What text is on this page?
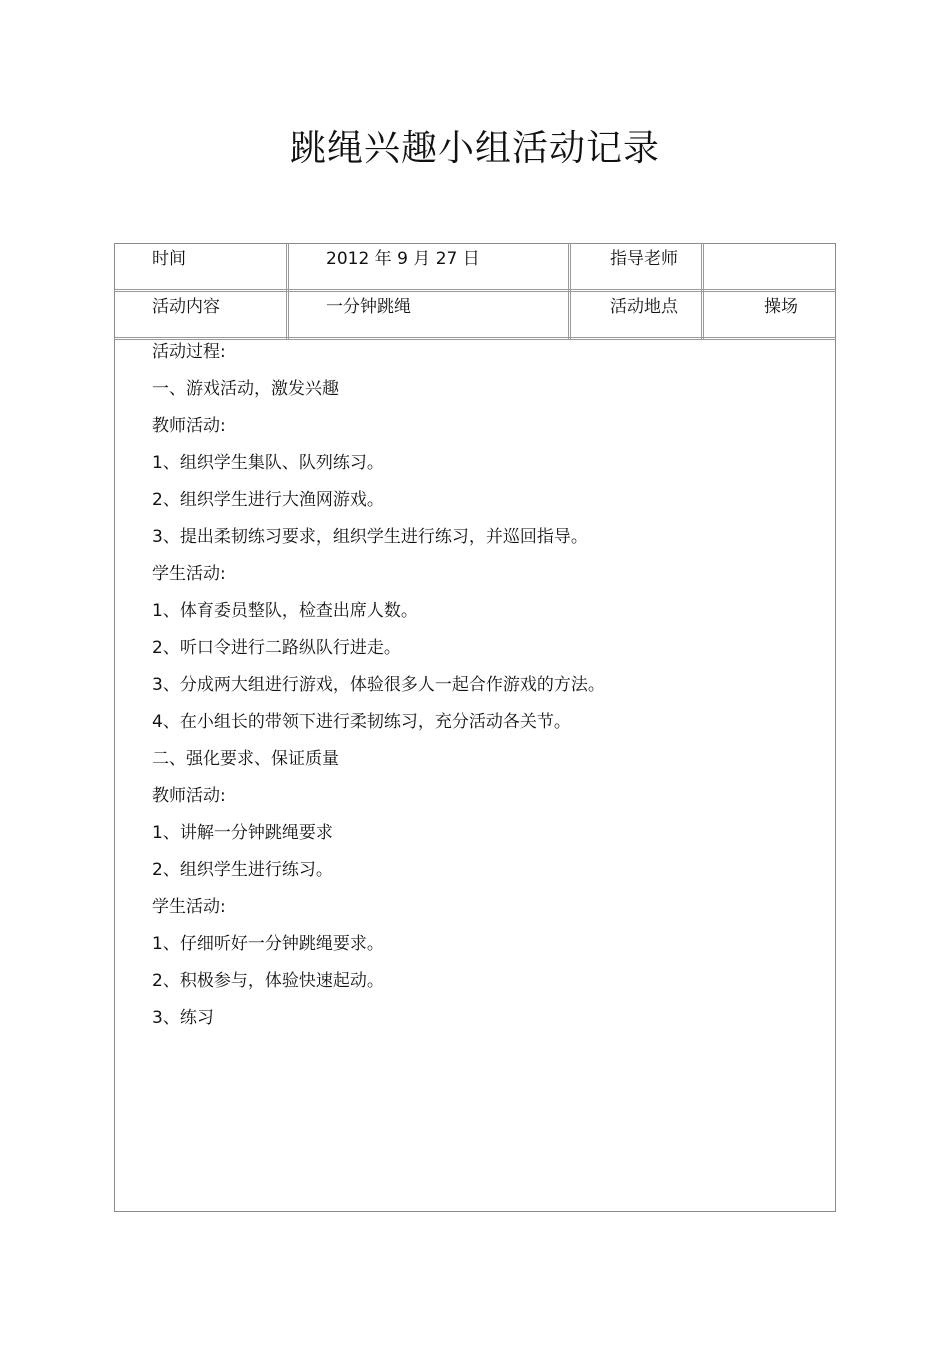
跳绳兴趣小组活动记录
时间	2012 年 9 月 27 日	指导老师
活动内容	一分钟跳绳	活动地点	操场
活动过程:
一、游戏活动，激发兴趣
教师活动:
1、组织学生集队、队列练习。
2、组织学生进行大渔网游戏。
3、提出柔韧练习要求，组织学生进行练习，并巡回指导。
学生活动:
1、体育委员整队，检查出席人数。
2、听口令进行二路纵队行进走。
3、分成两大组进行游戏，体验很多人一起合作游戏的方法。
4、在小组长的带领下进行柔韧练习，充分活动各关节。
二、强化要求、保证质量
教师活动:
1、讲解一分钟跳绳要求
2、组织学生进行练习。
学生活动:
1、仔细听好一分钟跳绳要求。
2、积极参与，体验快速起动。
3、练习
